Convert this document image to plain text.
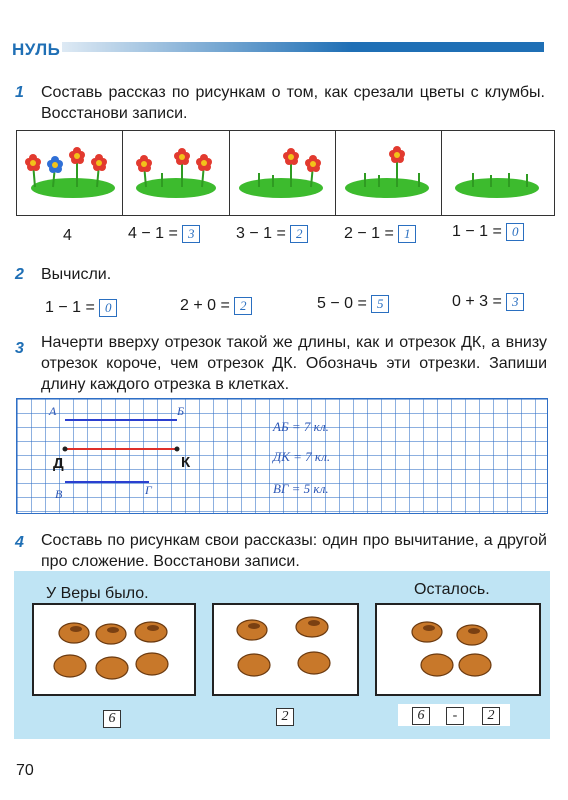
НУЛЬ
1 Составь рассказ по рисункам о том, как срезали цветы с клумбы. Восстанови записи.
4	4 − 1 = 3	3 − 1 = 2	2 − 1 = 1	1 − 1 = 0
2 Вычисли.
1 − 1 = 0	2 + 0 = 2	5 − 0 = 5	0 + 3 = 3
3 Начерти вверху отрезок такой же длины, как и отрезок ДК, а внизу отрезок короче, чем отрезок ДК. Обозначь эти отрезки. Запиши длину каждого отрезка в клетках.
А	Б
Д	К
В	Г
АБ = 7 кл.
ДК = 7 кл.
ВГ = 5 кл.
4 Составь по рисункам свои рассказы: один про вычитание, а другой про сложение. Восстанови записи.
У Веры было.	Осталось.
6	2	6	-	2
70
